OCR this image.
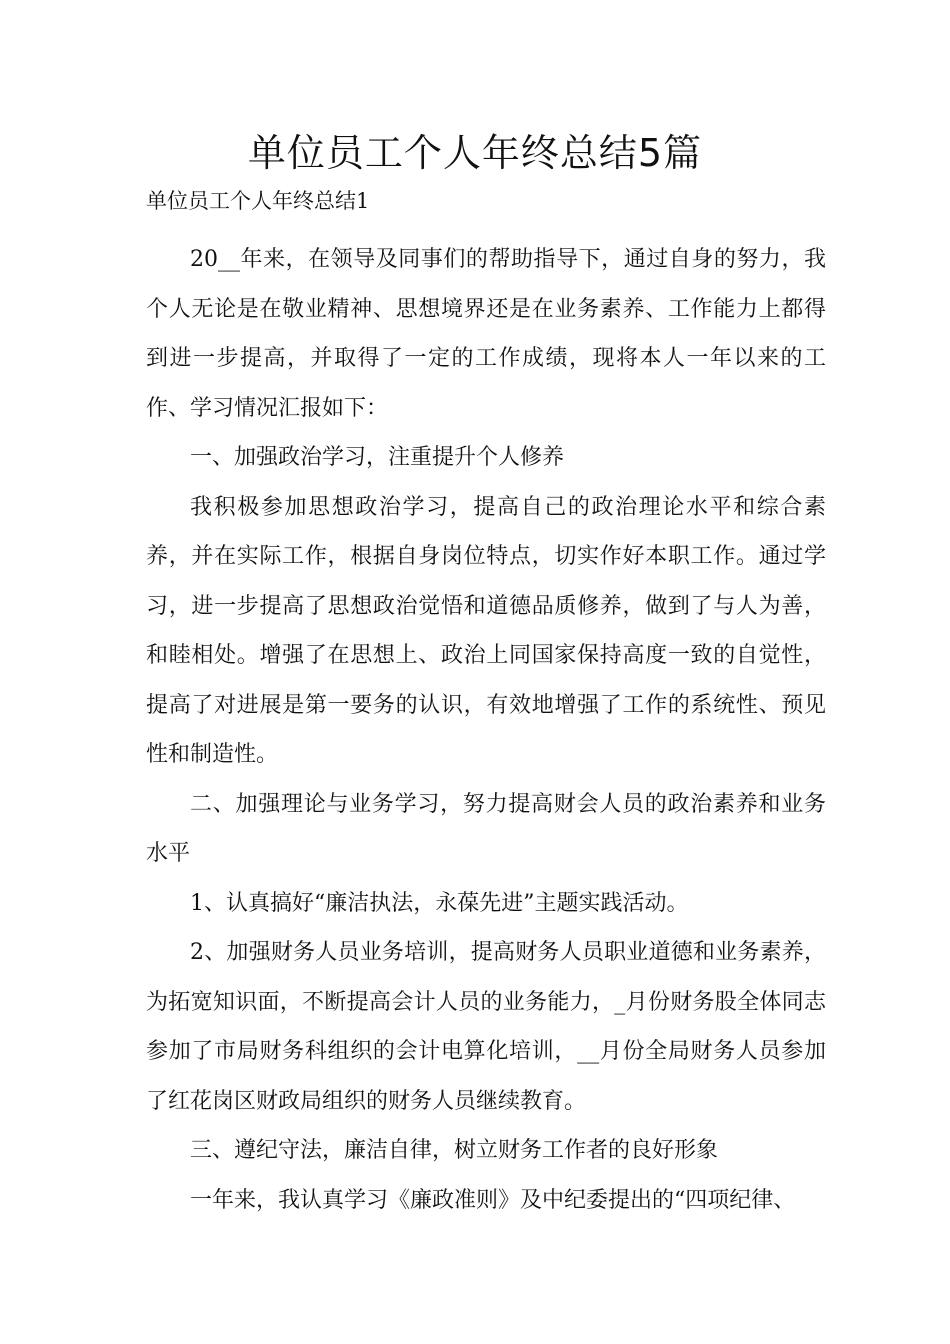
单位员工个人年终总结5篇
单位员工个人年终总结1

20__年来，在领导及同事们的帮助指导下，通过自身的努力，我个人无论是在敬业精神、思想境界还是在业务素养、工作能力上都得到进一步提高，并取得了一定的工作成绩，现将本人一年以来的工作、学习情况汇报如下：

一、加强政治学习，注重提升个人修养

我积极参加思想政治学习，提高自己的政治理论水平和综合素养，并在实际工作，根据自身岗位特点，切实作好本职工作。通过学习，进一步提高了思想政治觉悟和道德品质修养，做到了与人为善，和睦相处。增强了在思想上、政治上同国家保持高度一致的自觉性，提高了对进展是第一要务的认识，有效地增强了工作的系统性、预见性和制造性。

二、加强理论与业务学习，努力提高财会人员的政治素养和业务水平

1、认真搞好“廉洁执法，永葆先进”主题实践活动。

2、加强财务人员业务培训，提高财务人员职业道德和业务素养，为拓宽知识面，不断提高会计人员的业务能力，_月份财务股全体同志参加了市局财务科组织的会计电算化培训，__月份全局财务人员参加了红花岗区财政局组织的财务人员继续教育。

三、遵纪守法，廉洁自律，树立财务工作者的良好形象

一年来，我认真学习《廉政准则》及中纪委提出的“四项纪律、
